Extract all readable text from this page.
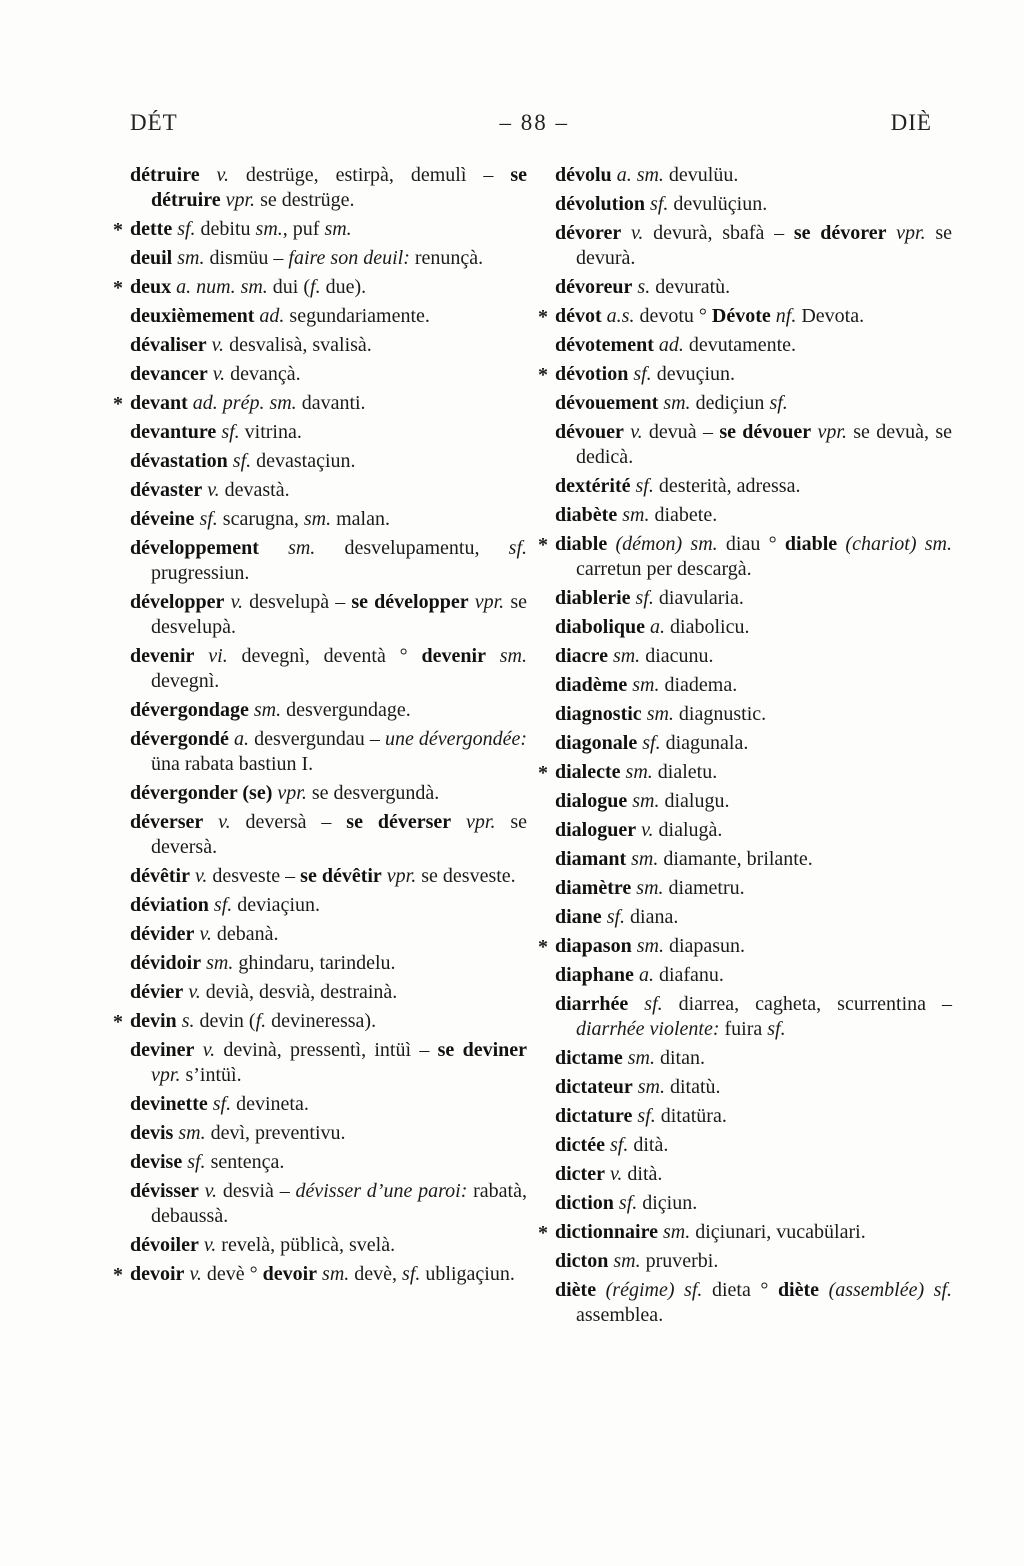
DÉT	– 88 –	DIÈ

détruire v. destrüge, estirpà, demulì – se détruire vpr. se destrüge.

* dette sf. debitu sm., puf sm.

deuil sm. dismüu – faire son deuil: renunçà.

* deux a. num. sm. dui (f. due).

deuxièmement ad. segundariamente.

dévaliser v. desvalisà, svalisà.

devancer v. devançà.

* devant ad. prép. sm. davanti.

devanture sf. vitrina.

dévastation sf. devastaçiun.

dévaster v. devastà.

déveine sf. scarugna, sm. malan.

développement sm. desvelupamentu, sf. prugressiun.

développer v. desvelupà – se développer vpr. se desvelupà.

devenir vi. devegnì, deventà ° devenir sm. devegnì.

dévergondage sm. desvergundage.

dévergondé a. desvergundau – une dévergondée: üna rabata bastiun I.

dévergonder (se) vpr. se desvergundà.

déverser v. deversà – se déverser vpr. se deversà.

dévêtir v. desveste – se dévêtir vpr. se desveste.

déviation sf. deviaçiun.

dévider v. debanà.

dévidoir sm. ghindaru, tarindelu.

dévier v. devià, desvià, destrainà.

* devin s. devin (f. devineressa).

deviner v. devinà, pressentì, intüì – se deviner vpr. s’intüì.

devinette sf. devineta.

devis sm. devì, preventivu.

devise sf. sentença.

dévisser v. desvià – dévisser d’une paroi: rabatà, debaussà.

dévoiler v. revelà, püblicà, svelà.

* devoir v. devè ° devoir sm. devè, sf. ubligaçiun.

dévolu a. sm. devulüu.

dévolution sf. devulüçiun.

dévorer v. devurà, sbafà – se dévorer vpr. se devurà.

dévoreur s. devuratù.

* dévot a.s. devotu ° Dévote nf. Devota.

dévotement ad. devutamente.

* dévotion sf. devuçiun.

dévouement sm. dediçiun sf.

dévouer v. devuà – se dévouer vpr. se devuà, se dedicà.

dextérité sf. desterità, adressa.

diabète sm. diabete.

* diable (démon) sm. diau ° diable (chariot) sm. carretun per descargà.

diablerie sf. diavularia.

diabolique a. diabolicu.

diacre sm. diacunu.

diadème sm. diadema.

diagnostic sm. diagnustic.

diagonale sf. diagunala.

* dialecte sm. dialetu.

dialogue sm. dialugu.

dialoguer v. dialugà.

diamant sm. diamante, brilante.

diamètre sm. diametru.

diane sf. diana.

* diapason sm. diapasun.

diaphane a. diafanu.

diarrhée sf. diarrea, cagheta, scurrentina – diarrhée violente: fuira sf.

dictame sm. ditan.

dictateur sm. ditatù.

dictature sf. ditatüra.

dictée sf. dità.

dicter v. dità.

diction sf. diçiun.

* dictionnaire sm. diçiunari, vucabülari.

dicton sm. pruverbi.

diète (régime) sf. dieta ° diète (assemblée) sf. assemblea.
